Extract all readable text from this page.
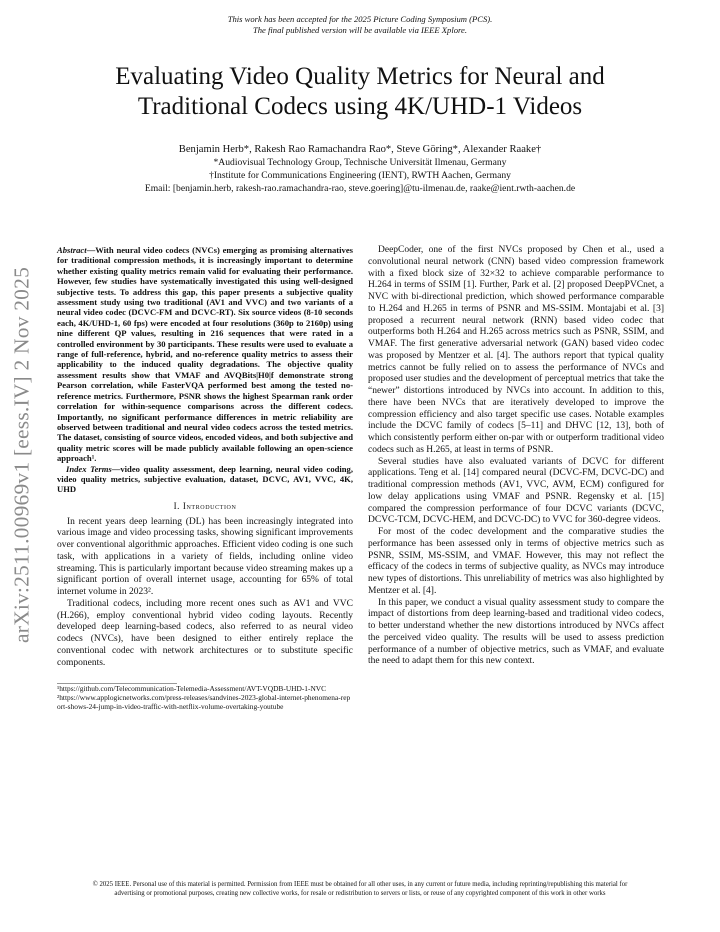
This work has been accepted for the 2025 Picture Coding Symposium (PCS).
The final published version will be available via IEEE Xplore.
Evaluating Video Quality Metrics for Neural and
Traditional Codecs using 4K/UHD-1 Videos
Benjamin Herb*, Rakesh Rao Ramachandra Rao*, Steve Göring*, Alexander Raake†
*Audiovisual Technology Group, Technische Universität Ilmenau, Germany
†Institute for Communications Engineering (IENT), RWTH Aachen, Germany
Email: [benjamin.herb, rakesh-rao.ramachandra-rao, steve.goering]@tu-ilmenau.de, raake@ient.rwth-aachen.de
arXiv:2511.00969v1 [eess.IV] 2 Nov 2025

Abstract—With neural video codecs (NVCs) emerging as promising alternatives for traditional compression methods, it is increasingly important to determine whether existing quality metrics remain valid for evaluating their performance. However, few studies have systematically investigated this using well-designed subjective tests. To address this gap, this paper presents a subjective quality assessment study using two traditional (AV1 and VVC) and two variants of a neural video codec (DCVC-FM and DCVC-RT). Six source videos (8-10 seconds each, 4K/UHD-1, 60 fps) were encoded at four resolutions (360p to 2160p) using nine different QP values, resulting in 216 sequences that were rated in a controlled environment by 30 participants. These results were used to evaluate a range of full-reference, hybrid, and no-reference quality metrics to assess their applicability to the induced quality degradations. The objective quality assessment results show that VMAF and AVQBits|H0|f demonstrate strong Pearson correlation, while FasterVQA performed best among the tested no-reference metrics. Furthermore, PSNR shows the highest Spearman rank order correlation for within-sequence comparisons across the different codecs. Importantly, no significant performance differences in metric reliability are observed between traditional and neural video codecs across the tested metrics. The dataset, consisting of source videos, encoded videos, and both subjective and quality metric scores will be made publicly available following an open-science approach¹.

Index Terms—video quality assessment, deep learning, neural video coding, video quality metrics, subjective evaluation, dataset, DCVC, AV1, VVC, 4K, UHD

I. Introduction

In recent years deep learning (DL) has been increasingly integrated into various image and video processing tasks, showing significant improvements over conventional algorithmic approaches. Efficient video coding is one such task, with applications in a variety of fields, including online video streaming. This is particularly important because video streaming makes up a significant portion of overall internet usage, accounting for 65% of total internet volume in 2023².

Traditional codecs, including more recent ones such as AV1 and VVC (H.266), employ conventional hybrid video coding layouts. Recently developed deep learning-based codecs, also referred to as neural video codecs (NVCs), have been designed to either entirely replace the conventional codec with network architectures or to substitute specific components.

¹https://github.com/Telecommunication-Telemedia-Assessment/AVT-VQDB-UHD-1-NVC

²https://www.applogicnetworks.com/press-releases/sandvines-2023-global-internet-phenomena-report-shows-24-jump-in-video-traffic-with-netflix-volume-overtaking-youtube

DeepCoder, one of the first NVCs proposed by Chen et al., used a convolutional neural network (CNN) based video compression framework with a fixed block size of 32×32 to achieve comparable performance to H.264 in terms of SSIM [1]. Further, Park et al. [2] proposed DeepPVCnet, a NVC with bi-directional prediction, which showed performance comparable to H.264 and H.265 in terms of PSNR and MS-SSIM. Montajabi et al. [3] proposed a recurrent neural network (RNN) based video codec that outperforms both H.264 and H.265 across metrics such as PSNR, SSIM, and VMAF. The first generative adversarial network (GAN) based video codec was proposed by Mentzer et al. [4]. The authors report that typical quality metrics cannot be fully relied on to assess the performance of NVCs and proposed user studies and the development of perceptual metrics that take the “newer” distortions introduced by NVCs into account. In addition to this, there have been NVCs that are iteratively developed to improve the compression efficiency and also target specific use cases. Notable examples include the DCVC family of codecs [5–11] and DHVC [12, 13], both of which consistently perform either on-par with or outperform traditional video codecs such as H.265, at least in terms of PSNR.

Several studies have also evaluated variants of DCVC for different applications. Teng et al. [14] compared neural (DCVC-FM, DCVC-DC) and traditional compression methods (AV1, VVC, AVM, ECM) configured for low delay applications using VMAF and PSNR. Regensky et al. [15] compared the compression performance of four DCVC variants (DCVC, DCVC-TCM, DCVC-HEM, and DCVC-DC) to VVC for 360-degree videos.

For most of the codec development and the comparative studies the performance has been assessed only in terms of objective metrics such as PSNR, SSIM, MS-SSIM, and VMAF. However, this may not reflect the efficacy of the codecs in terms of subjective quality, as NVCs may introduce new types of distortions. This unreliability of metrics was also highlighted by Mentzer et al. [4].

In this paper, we conduct a visual quality assessment study to compare the impact of distortions from deep learning-based and traditional video codecs, to better understand whether the new distortions introduced by NVCs affect the perceived video quality. The results will be used to assess prediction performance of a number of objective metrics, such as VMAF, and evaluate the need to adapt them for this new context.

© 2025 IEEE. Personal use of this material is permitted. Permission from IEEE must be obtained for all other uses, in any current or future media, including reprinting/republishing this material for advertising or promotional purposes, creating new collective works, for resale or redistribution to servers or lists, or reuse of any copyrighted component of this work in other works
